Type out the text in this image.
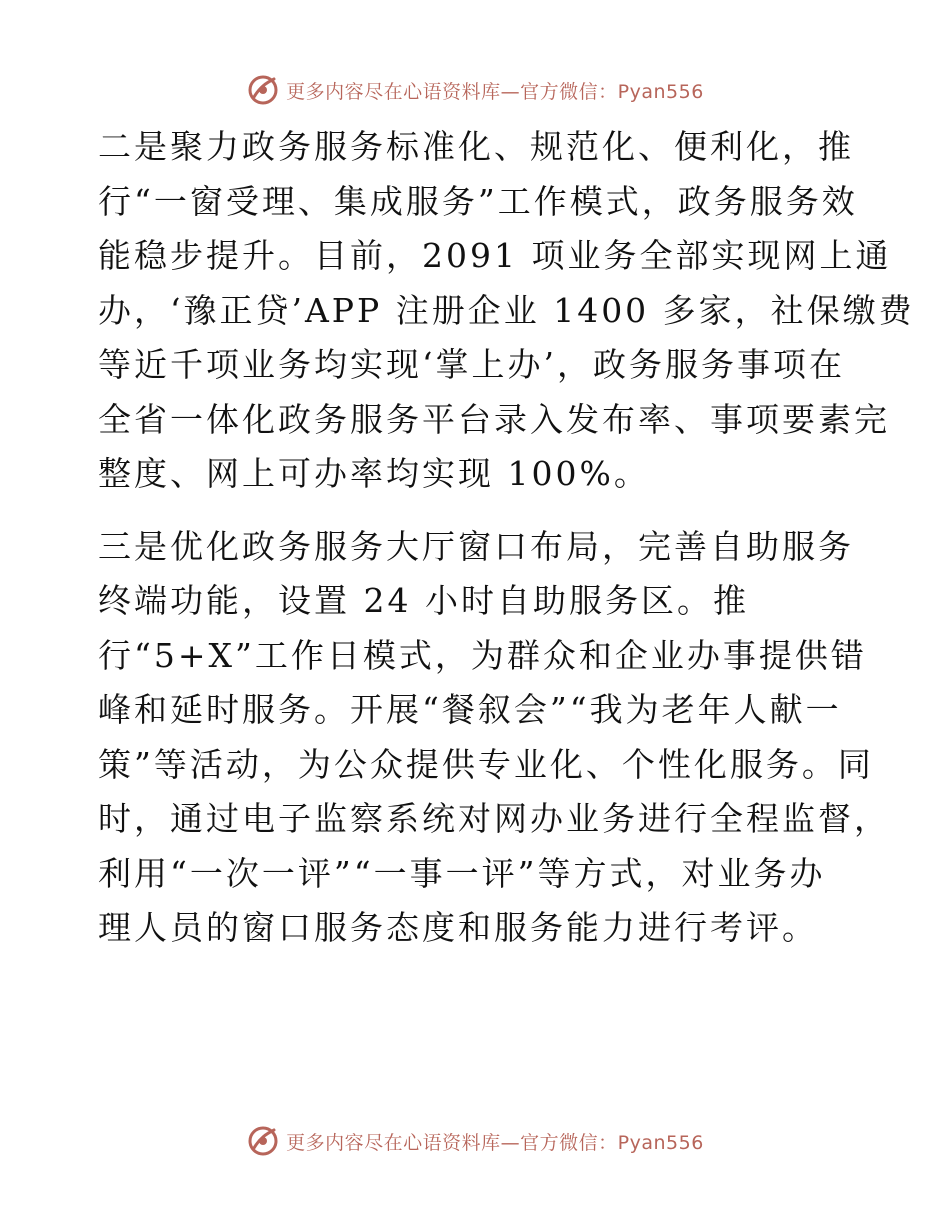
更多内容尽在心语资料库—官方微信：Pyan556

二是聚力政务服务标准化、规范化、便利化，推
行“一窗受理、集成服务”工作模式，政务服务效
能稳步提升。目前，2091 项业务全部实现网上通
办，‘豫正贷’APP 注册企业 1400 多家，社保缴费
等近千项业务均实现‘掌上办’，政务服务事项在
全省一体化政务服务平台录入发布率、事项要素完
整度、网上可办率均实现 100%。

三是优化政务服务大厅窗口布局，完善自助服务
终端功能，设置 24 小时自助服务区。推
行“5+X”工作日模式，为群众和企业办事提供错
峰和延时服务。开展“餐叙会”“我为老年人献一
策”等活动，为公众提供专业化、个性化服务。同
时，通过电子监察系统对网办业务进行全程监督，
利用“一次一评”“一事一评”等方式，对业务办
理人员的窗口服务态度和服务能力进行考评。

更多内容尽在心语资料库—官方微信：Pyan556
